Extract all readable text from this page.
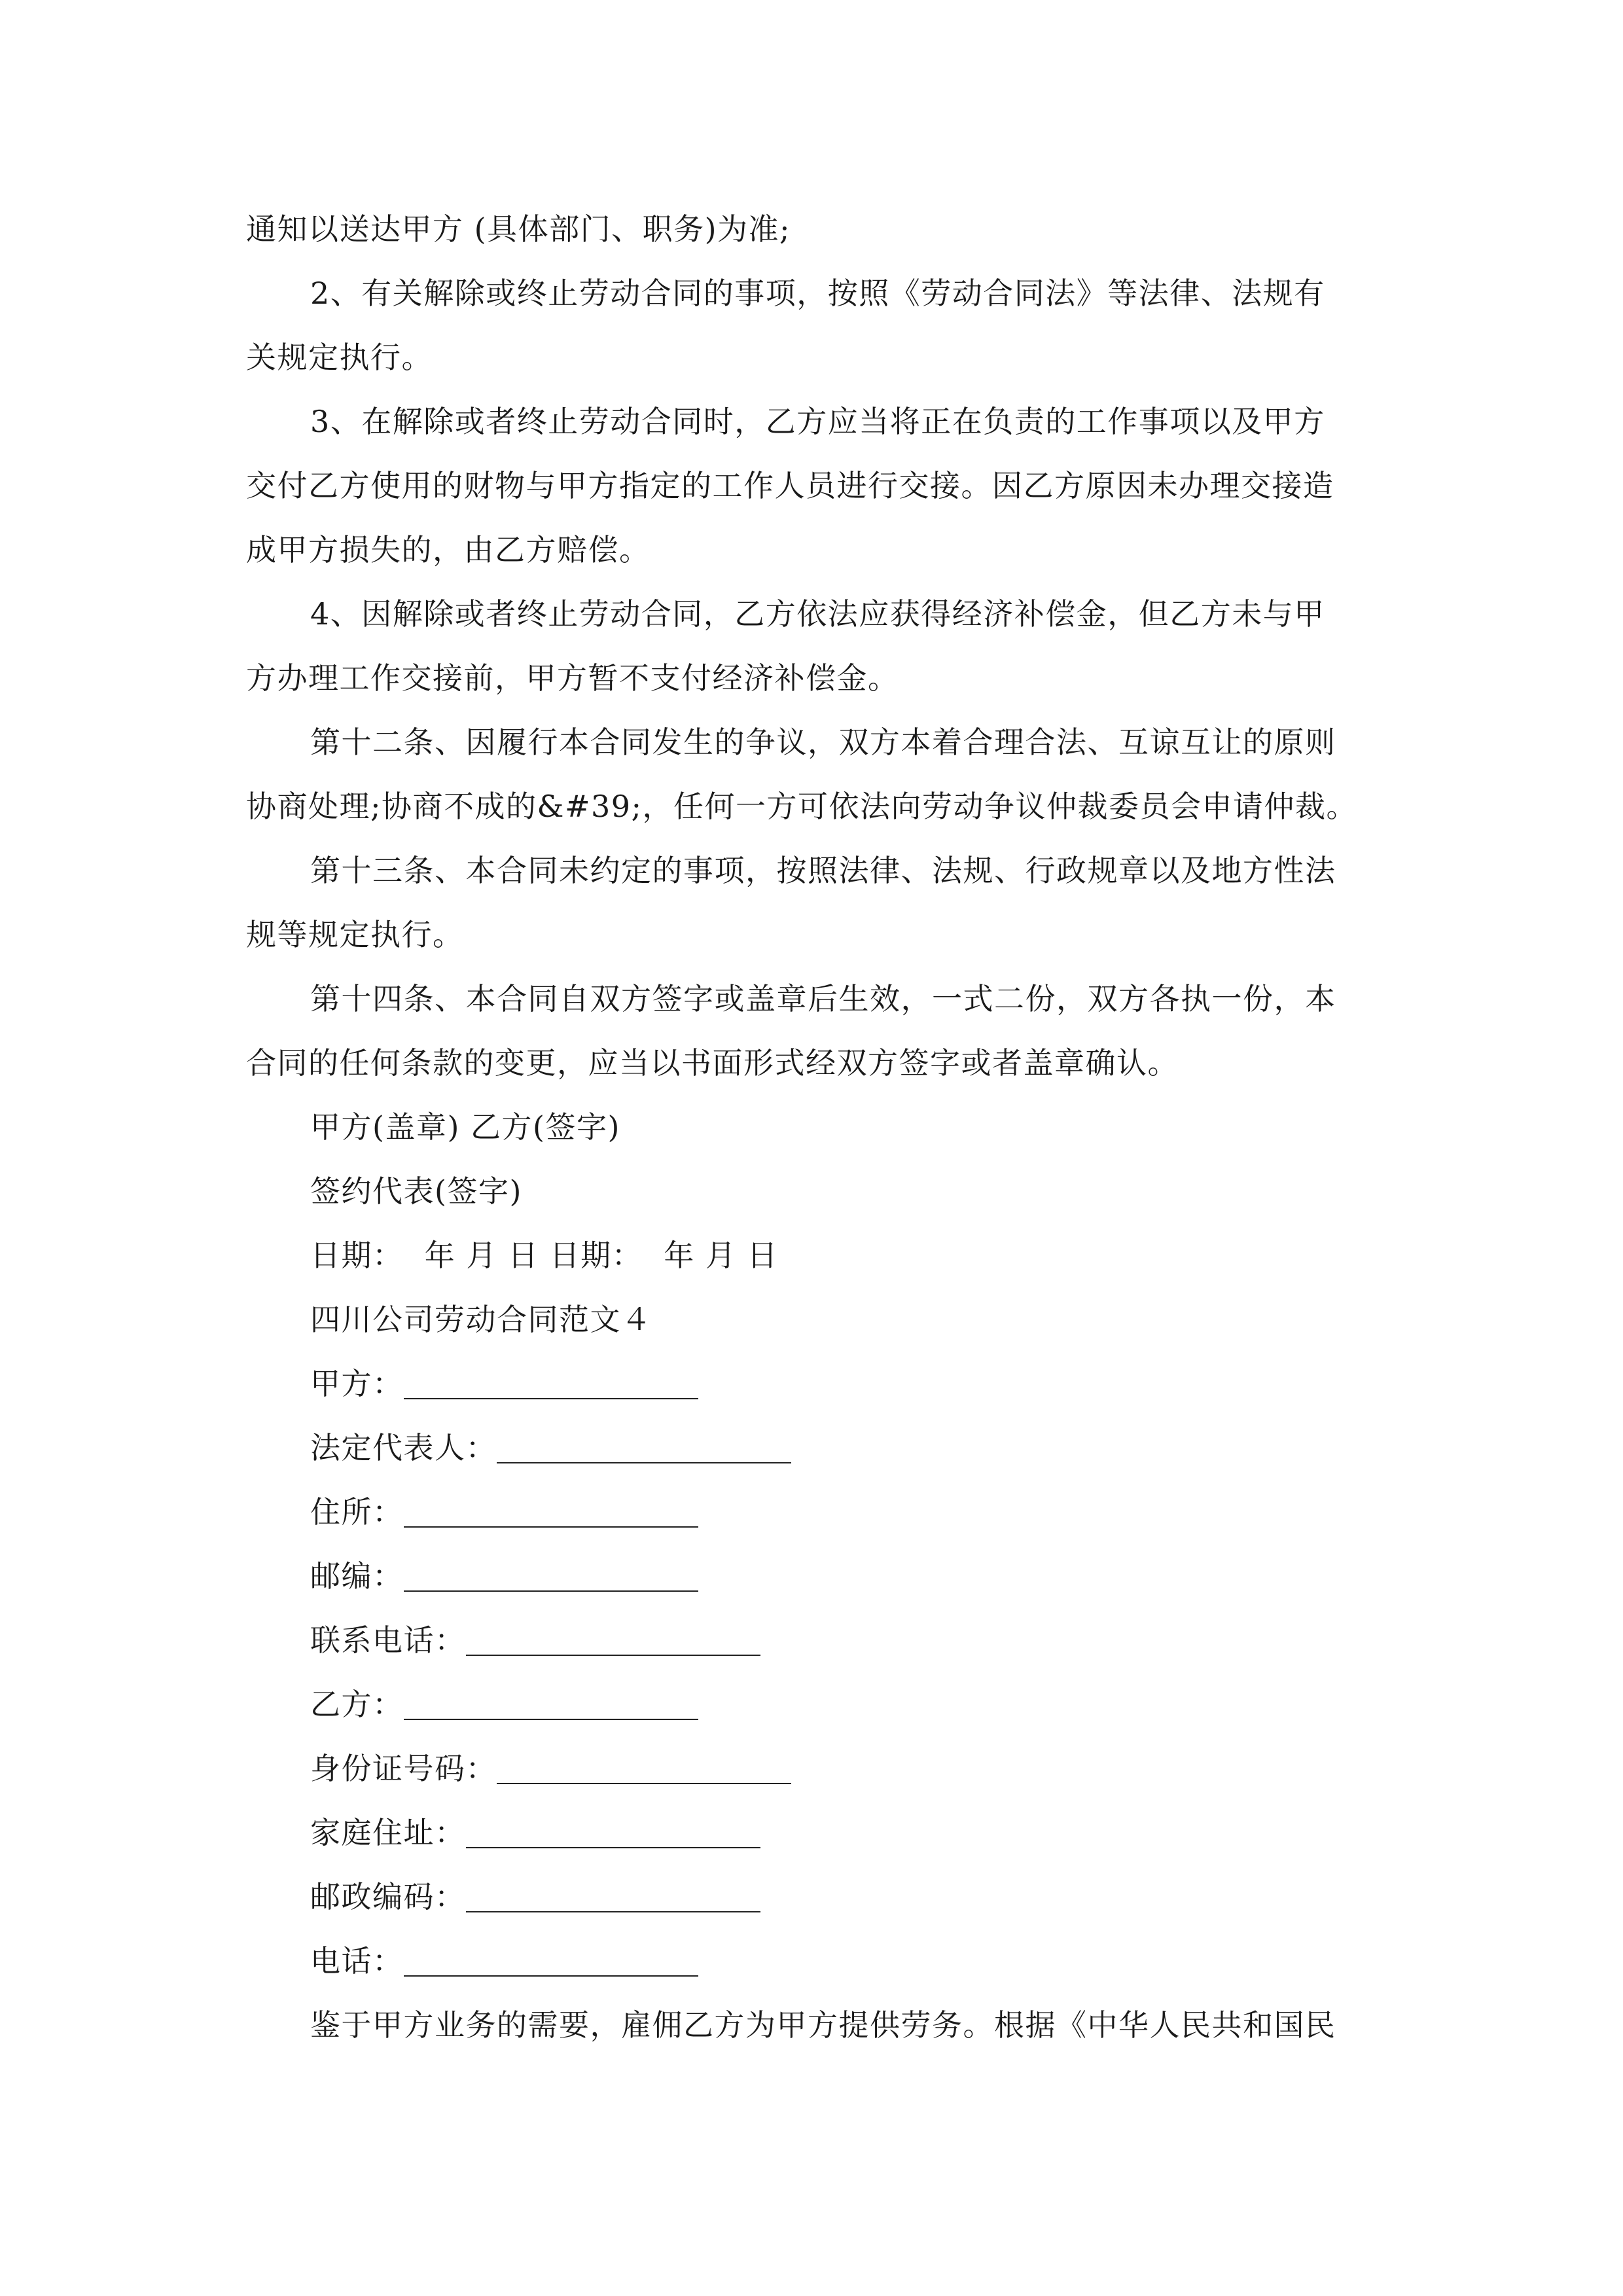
通知以送达甲方 (具体部门、职务)为准;
2、有关解除或终止劳动合同的事项，按照《劳动合同法》等法律、法规有
关规定执行。
3、在解除或者终止劳动合同时，乙方应当将正在负责的工作事项以及甲方
交付乙方使用的财物与甲方指定的工作人员进行交接。因乙方原因未办理交接造
成甲方损失的，由乙方赔偿。
4、因解除或者终止劳动合同，乙方依法应获得经济补偿金，但乙方未与甲
方办理工作交接前，甲方暂不支付经济补偿金。
第十二条、因履行本合同发生的争议，双方本着合理合法、互谅互让的原则
协商处理;协商不成的&#39;，任何一方可依法向劳动争议仲裁委员会申请仲裁。
第十三条、本合同未约定的事项，按照法律、法规、行政规章以及地方性法
规等规定执行。
第十四条、本合同自双方签字或盖章后生效，一式二份，双方各执一份，本
合同的任何条款的变更，应当以书面形式经双方签字或者盖章确认。
甲方(盖章) 乙方(签字)
签约代表(签字)
日期：  年 月 日 日期：  年 月 日
四川公司劳动合同范文４
甲方：
法定代表人：
住所：
邮编：
联系电话：
乙方：
身份证号码：
家庭住址：
邮政编码：
电话：
鉴于甲方业务的需要，雇佣乙方为甲方提供劳务。根据《中华人民共和国民
